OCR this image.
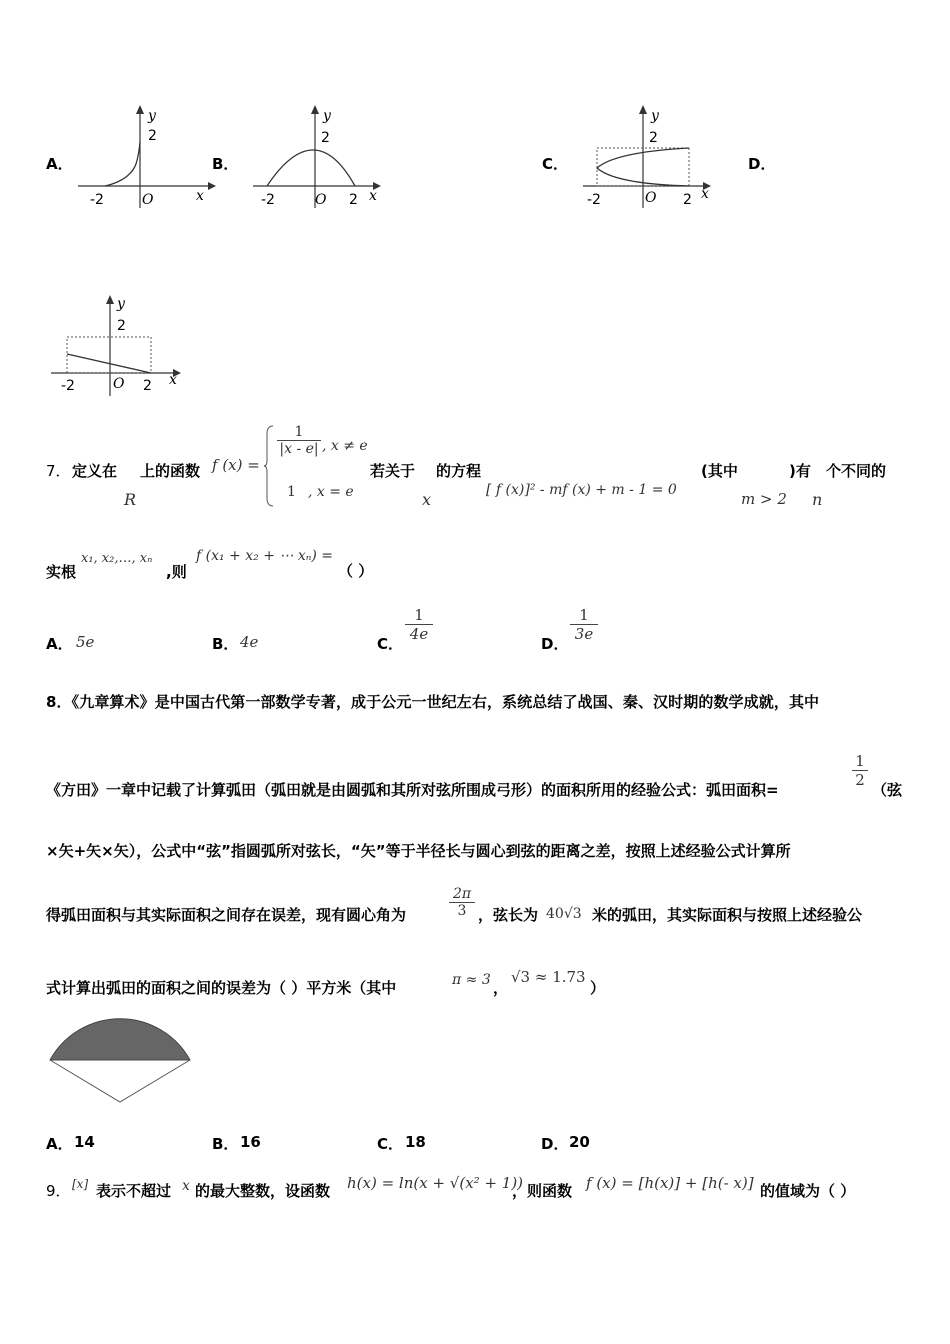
A．	B．	C．	D．
y
2
-2	O	x
y
2
-2	O 2 x
y
2
-2	O 2 x
y
2
-2	O 2 x
7． 定义在
R
上的函数 f (x) =
$\frac{1}{|x - e|}$ , x ≠ e
1 , x = e
若关于
x
的方程
[ f (x)]² - mf (x) + m - 1 = 0
(其中
m > 2
)有
n
个不同的
实根
x₁, x₂,…, xₙ
,则
f (x₁ + x₂ + ⋯ xₙ) =
（ ）
A． 5e	B． 4e	C．
$\frac{1}{4e}$
D．
$\frac{1}{3e}$
8．《九章算术》是中国古代第一部数学专著，成于公元一世纪左右，系统总结了战国、秦、汉时期的数学成就，其中
《方田》一章中记载了计算弧田（弧田就是由圆弧和其所对弦所围成弓形）的面积所用的经验公式：弧田面积=
$\frac{1}{2}$
（弦
×矢+矢×矢），公式中“弦”指圆弧所对弦长，“矢”等于半径长与圆心到弦的距离之差，按照上述经验公式计算所
得弧田面积与其实际面积之间存在误差，现有圆心角为	$\frac{2\pi}{3}$ ，弦长为 40√3 米的弧田，其实际面积与按照上述经验公
式计算出弧田的面积之间的误差为（ ）平方米（其中	π ≈ 3 ，
√3 ≈ 1.73
）
A． 14	B． 16	C． 18	D． 20
9． [x] 表示不超过 x 的最大整数，设函数 h(x) = ln(x + √(x² + 1))
，则函数 f (x) = [h(x)] + [h(- x)] 的值域为（ ）
